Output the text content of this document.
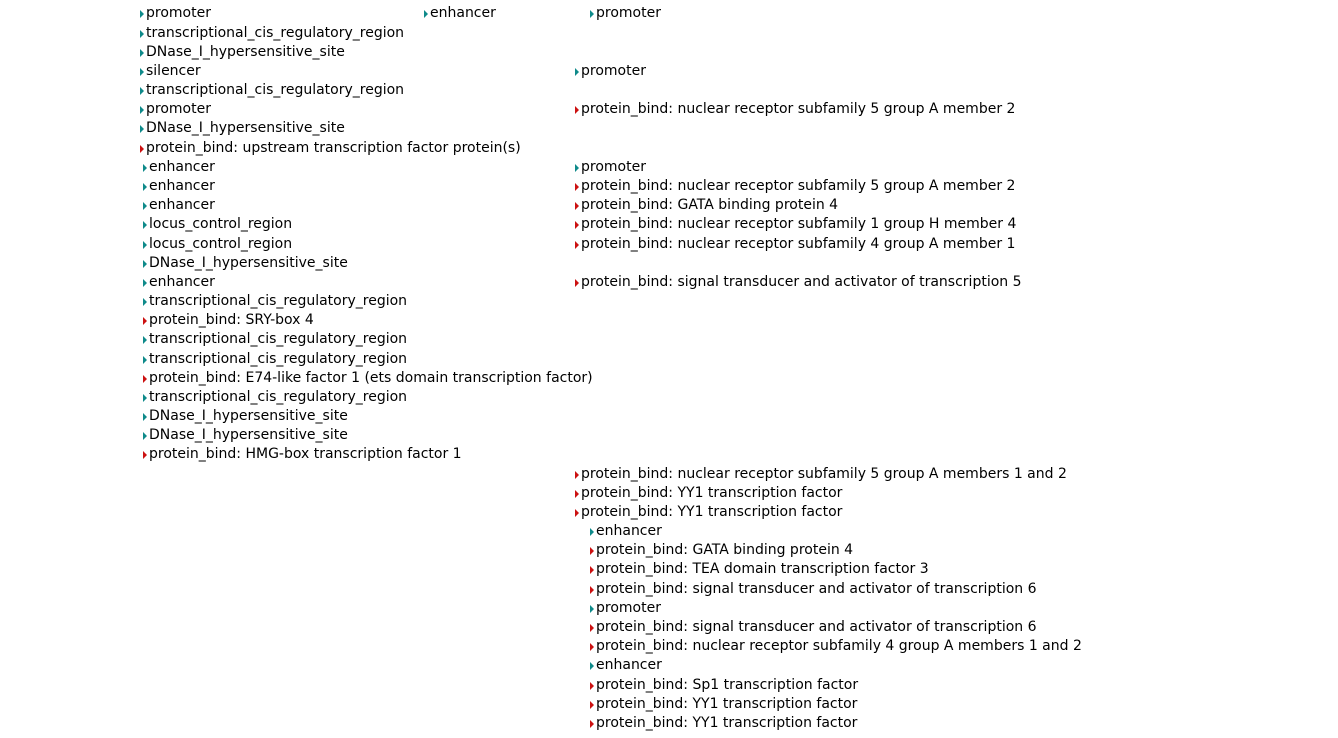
promoter
transcriptional_cis_regulatory_region
DNase_I_hypersensitive_site
silencer
transcriptional_cis_regulatory_region
promoter
DNase_I_hypersensitive_site
protein_bind: upstream transcription factor protein(s)
enhancer
enhancer
enhancer
locus_control_region
locus_control_region
DNase_I_hypersensitive_site
enhancer
transcriptional_cis_regulatory_region
protein_bind: SRY-box 4
transcriptional_cis_regulatory_region
transcriptional_cis_regulatory_region
protein_bind: E74-like factor 1 (ets domain transcription factor)
transcriptional_cis_regulatory_region
DNase_I_hypersensitive_site
DNase_I_hypersensitive_site
protein_bind: HMG-box transcription factor 1
enhancer	promoter
promoter
protein_bind: nuclear receptor subfamily 5 group A member 2
promoter
protein_bind: nuclear receptor subfamily 5 group A member 2
protein_bind: GATA binding protein 4
protein_bind: nuclear receptor subfamily 1 group H member 4
protein_bind: nuclear receptor subfamily 4 group A member 1
protein_bind: signal transducer and activator of transcription 5
protein_bind: nuclear receptor subfamily 5 group A members 1 and 2
protein_bind: YY1 transcription factor
protein_bind: YY1 transcription factor
enhancer
protein_bind: GATA binding protein 4
protein_bind: TEA domain transcription factor 3
protein_bind: signal transducer and activator of transcription 6
promoter
protein_bind: signal transducer and activator of transcription 6
protein_bind: nuclear receptor subfamily 4 group A members 1 and 2
enhancer
protein_bind: Sp1 transcription factor
protein_bind: YY1 transcription factor
protein_bind: YY1 transcription factor
